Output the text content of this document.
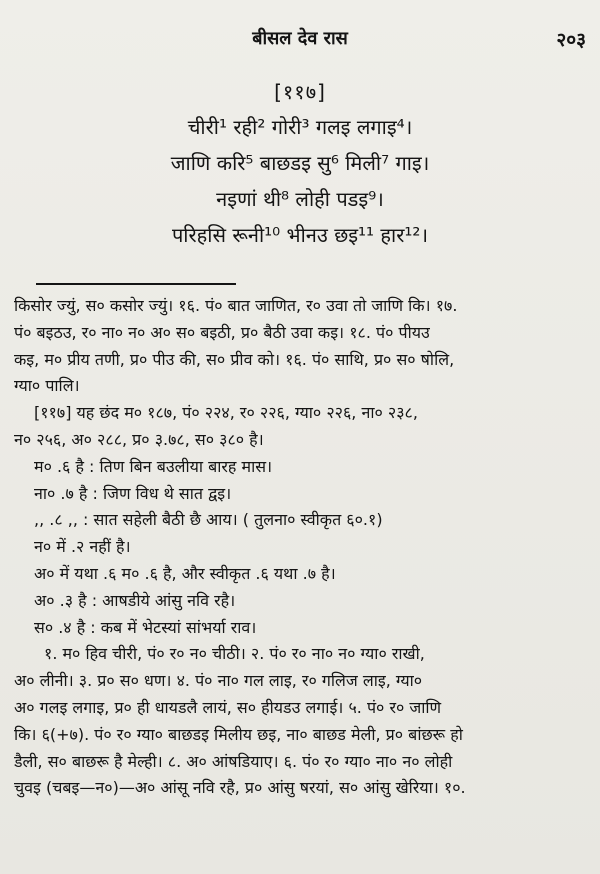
बीसल देव रास	२०३
[११७]
चीरी¹ रही² गोरी³ गलइ लगाइ⁴।
जाणि करि⁵ बाछडइ सु⁶ मिली⁷ गाइ।
नइणां थी⁸ लोही पडइ⁹।
परिहसि रूनी¹⁰ भीनउ छइ¹¹ हार¹²।

किसोर ज्युं, स० कसोर ज्युं। १६. पं० बात जाणित, र० उवा तो जाणि कि। १७.

पं० बइठउ, र० ना० न० अ० स० बइठी, प्र० बैठी उवा कइ। १८. पं० पीयउ

कइ, म० प्रीय तणी, प्र० पीउ की, स० प्रीव को। १६. पं० साथि, प्र० स० षोलि,

ग्या० पालि।

[११७] यह छंद म० १८७, पं० २२४, र० २२६, ग्या० २२६, ना० २३८,

न० २५६, अ० २८८, प्र० ३.७८, स० ३८० है।

म० .६ है : तिण बिन बउलीया बारह मास।

ना० .७ है : जिण विध थे सात द्वइ।

,, .८ ,, : सात सहेली बैठी छै आय। ( तुलना० स्वीकृत ६०.१)

न० में .२ नहीं है।

अ० में यथा .६ म० .६ है, और स्वीकृत .६ यथा .७ है।

अ० .३ है : आषडीये आंसु नवि रहै।

स० .४ है : कब में भेटस्यां सांभर्या राव।

१. म० हिव चीरी, पं० र० न० चीठी। २. पं० र० ना० न० ग्या० राखी,

अ० लीनी। ३. प्र० स० धण। ४. पं० ना० गल लाइ, र० गलिज लाइ, ग्या०

अ० गलइ लगाइ, प्र० ही धायडलै लायं, स० हीयडउ लगाई। ५. पं० र० जाणि

कि। ६(+७). पं० र० ग्या० बाछडइ मिलीय छइ, ना० बाछड मेली, प्र० बांछरू हो

डैली, स० बाछरू है मेल्ही। ८. अ० आंषडियाए। ६. पं० र० ग्या० ना० न० लोही

चुवइ (चबइ—न०)—अ० आंसू नवि रहै, प्र० आंसु षरयां, स० आंसु खेरिया। १०.
